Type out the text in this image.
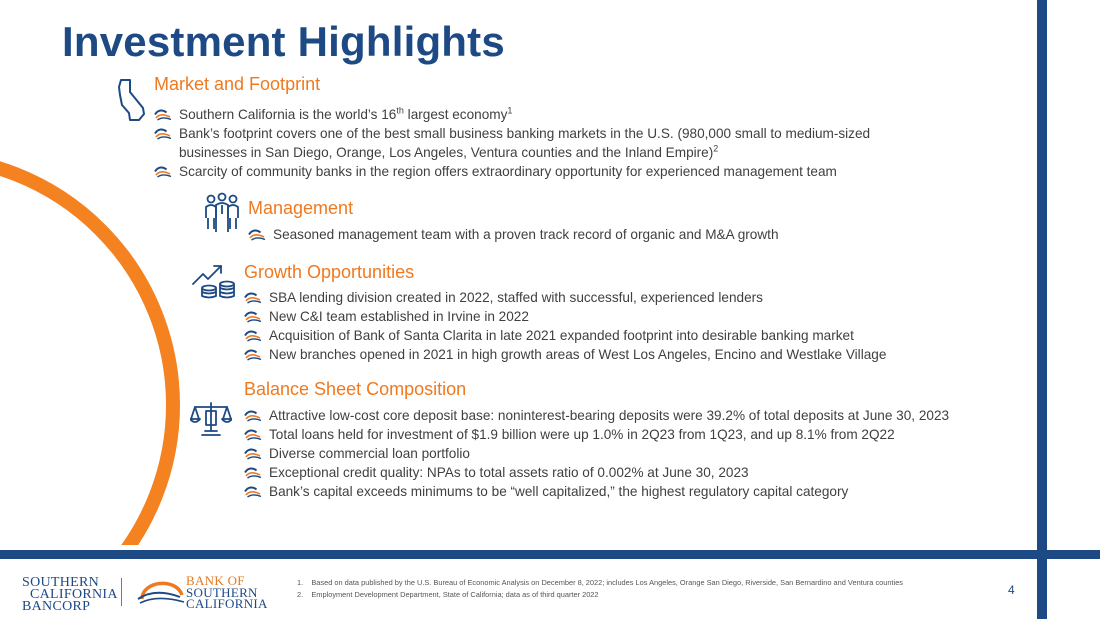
Investment Highlights
Market and Footprint
Southern California is the world’s 16th largest economy$^1$
Bank’s footprint covers one of the best small business banking markets in the U.S. (980,000 small to medium-sized
businesses in San Diego, Orange, Los Angeles, Ventura counties and the Inland Empire)$^2$
Scarcity of community banks in the region offers extraordinary opportunity for experienced management team
Management
Seasoned management team with a proven track record of organic and M&A growth
Growth Opportunities
SBA lending division created in 2022, staffed with successful, experienced lenders
New C&I team established in Irvine in 2022
Acquisition of Bank of Santa Clarita in late 2021 expanded footprint into desirable banking market
New branches opened in 2021 in high growth areas of West Los Angeles, Encino and Westlake Village
Balance Sheet Composition
Attractive low-cost core deposit base: noninterest-bearing deposits were 39.2% of total deposits at June 30, 2023
Total loans held for investment of $1.9 billion were up 1.0% in 2Q23 from 1Q23, and up 8.1% from 2Q22
Diverse commercial loan portfolio
Exceptional credit quality: NPAs to total assets ratio of 0.002% at June 30, 2023
Bank’s capital exceeds minimums to be “well capitalized,” the highest regulatory capital category
SOUTHERN
CALIFORNIA
BANCORP
BANK OF
SOUTHERN
CALIFORNIA
1.    Based on data published by the U.S. Bureau of Economic Analysis on December 8, 2022; includes Los Angeles, Orange San Diego, Riverside, San Bernardino and Ventura counties
2.    Employment Development Department, State of California; data as of third quarter 2022	4
